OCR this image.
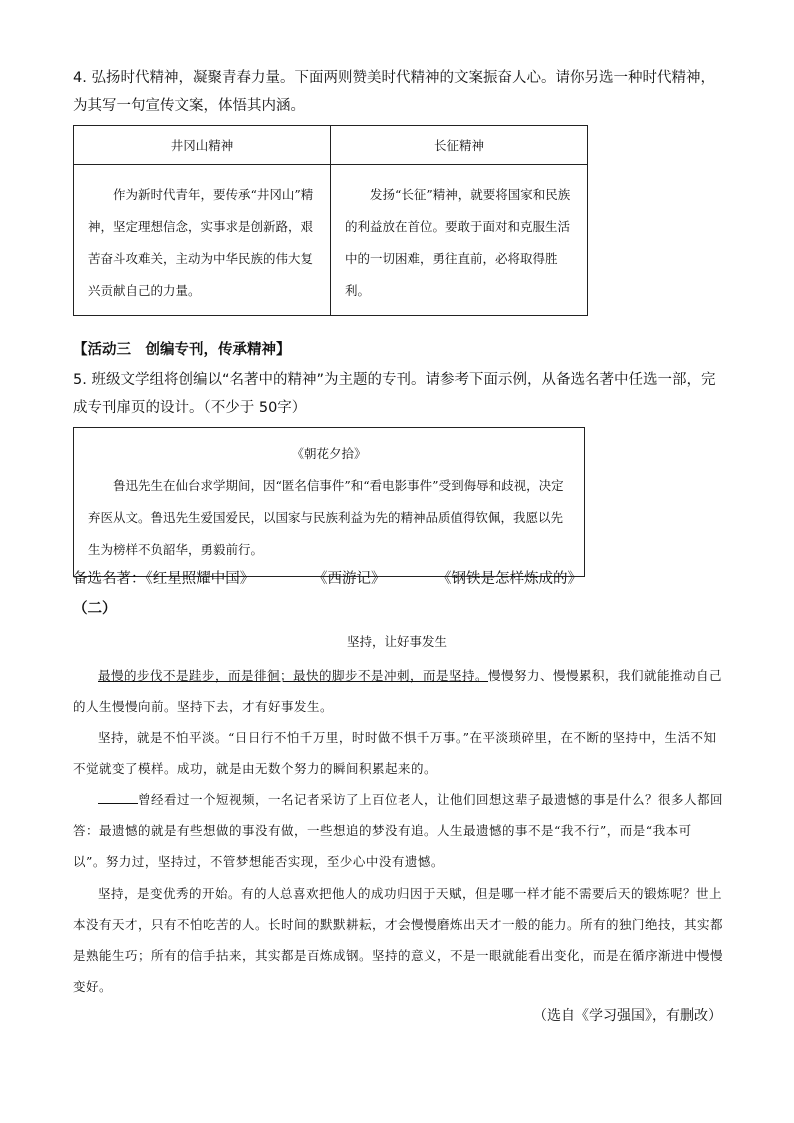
4. 弘扬时代精神，凝聚青春力量。下面两则赞美时代精神的文案振奋人心。请你另选一种时代精神，为其写一句宣传文案，体悟其内涵。

井冈山精神	长征精神
作为新时代青年，要传承“井冈山”精神，坚定理想信念，实事求是创新路，艰苦奋斗攻难关，主动为中华民族的伟大复兴贡献自己的力量。	发扬“长征”精神，就要将国家和民族的利益放在首位。要敢于面对和克服生活中的一切困难，勇往直前，必将取得胜利。
【活动三　创编专刊，传承精神】

5. 班级文学组将创编以“名著中的精神”为主题的专刊。请参考下面示例，从备选名著中任选一部，完成专刊扉页的设计。（不少于 50字）

《朝花夕拾》
鲁迅先生在仙台求学期间，因“匿名信事件”和“看电影事件”受到侮辱和歧视，决定弃医从文。鲁迅先生爱国爱民，以国家与民族利益为先的精神品质值得钦佩，我愿以先生为榜样不负韶华，勇毅前行。
备选名著：《红星照耀中国》	《西游记》	《钢铁是怎样炼成的》
（二）
坚持，让好事发生

最慢的步伐不是跬步，而是徘徊；最快的脚步不是冲刺，而是坚持。慢慢努力、慢慢累积，我们就能推动自己的人生慢慢向前。坚持下去，才有好事发生。

坚持，就是不怕平淡。“日日行不怕千万里，时时做不惧千万事。”在平淡琐碎里，在不断的坚持中，生活不知不觉就变了模样。成功，就是由无数个努力的瞬间积累起来的。

曾经看过一个短视频，一名记者采访了上百位老人，让他们回想这辈子最遗憾的事是什么？很多人都回答：最遗憾的就是有些想做的事没有做，一些想追的梦没有追。人生最遗憾的事不是“我不行”，而是“我本可以”。努力过，坚持过，不管梦想能否实现，至少心中没有遗憾。

坚持，是变优秀的开始。有的人总喜欢把他人的成功归因于天赋，但是哪一样才能不需要后天的锻炼呢？世上本没有天才，只有不怕吃苦的人。长时间的默默耕耘，才会慢慢磨炼出天才一般的能力。所有的独门绝技，其实都是熟能生巧；所有的信手拈来，其实都是百炼成钢。坚持的意义，不是一眼就能看出变化，而是在循序渐进中慢慢变好。

（选自《学习强国》，有删改）
